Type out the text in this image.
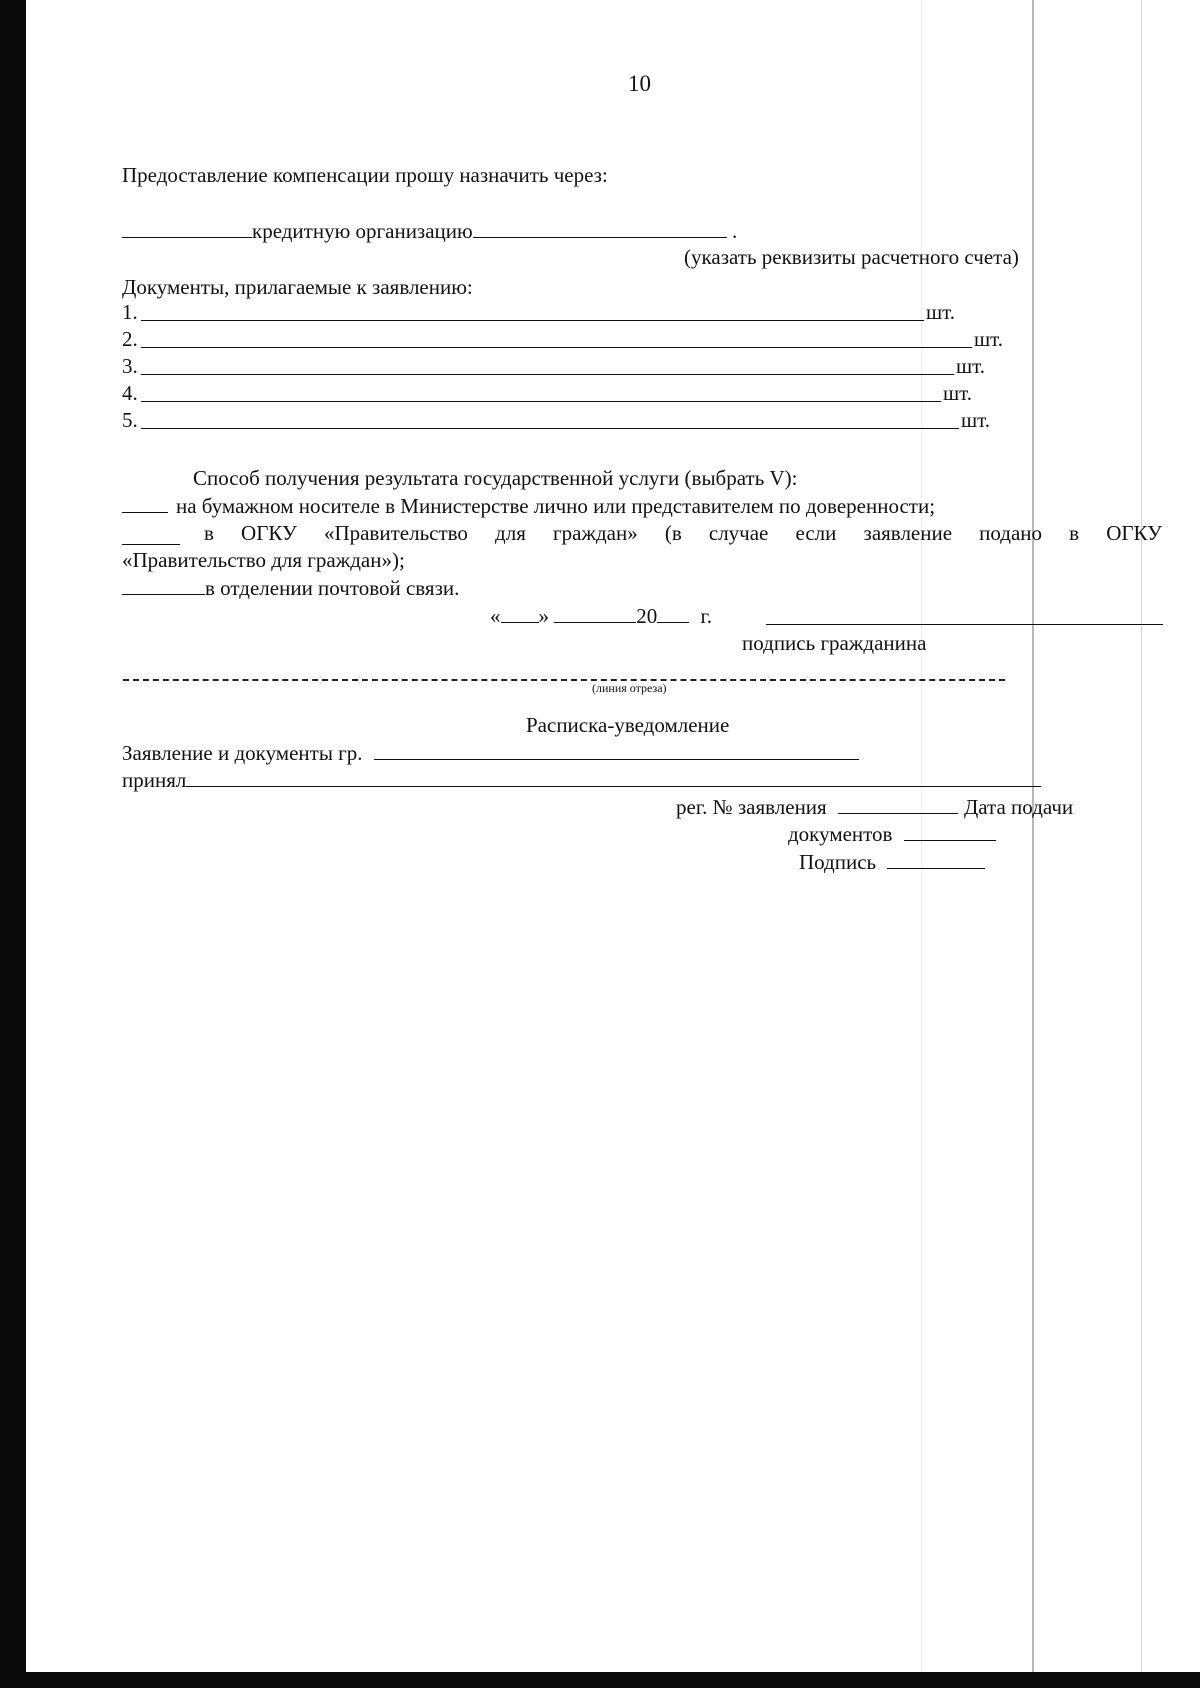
10
Предоставление компенсации прошу назначить через:
кредитную организацию	.
(указать реквизиты расчетного счета)
Документы, прилагаемые к заявлению:
1.	шт.
2.	шт.
3.	шт.
4.	шт.
5.	шт.
Способ получения результата государственной услуги (выбрать V):
на бумажном носителе в Министерстве лично или представителем по доверенности;
в ОГКУ «Правительство для граждан» (в случае если заявление подано в ОГКУ
«Правительство для граждан»);
в отделении почтовой связи.
« »	20 г.
подпись гражданина
(линия отреза)
Расписка-уведомление
Заявление и документы гр.
принял
рег. № заявления	Дата подачи
документов
Подпись
